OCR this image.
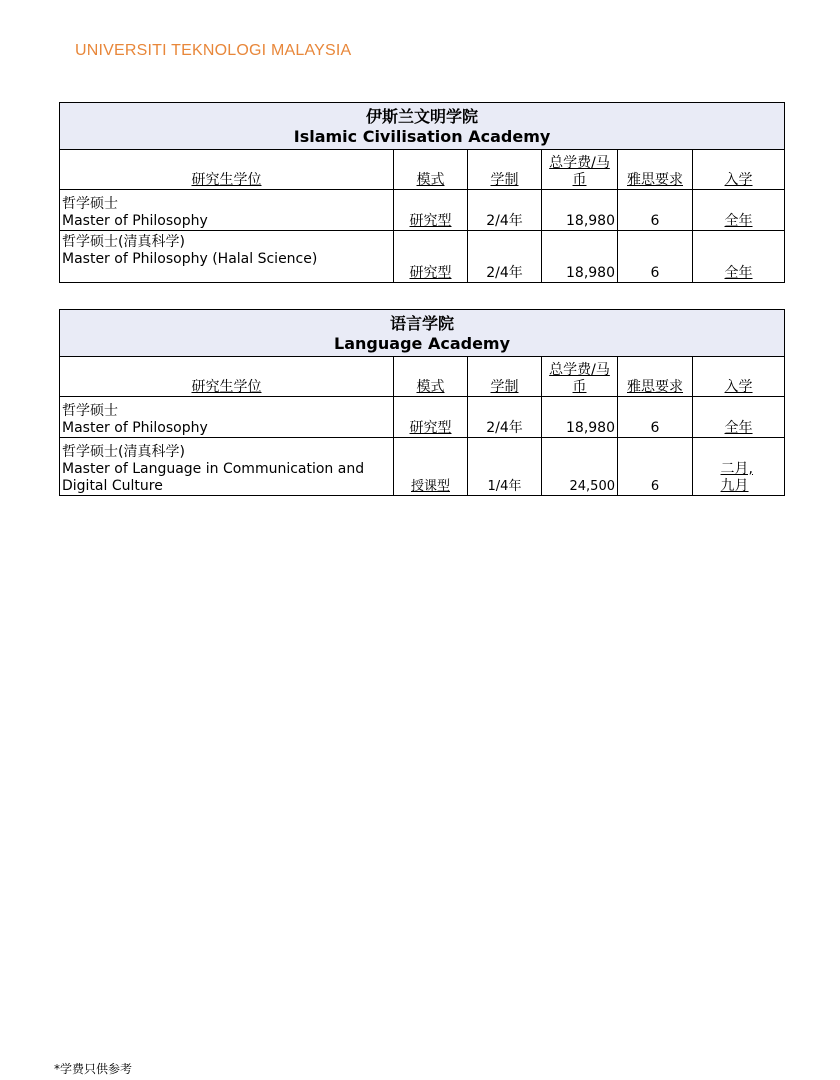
UNIVERSITI TEKNOLOGI MALAYSIA
伊斯兰文明学院
Islamic Civilisation Academy					

研究生学位	模式	学制	总学费/马币	雅思要求	入学

哲学硕士
Master of Philosophy	研究型	2/4年	18,980	6	全年

哲学硕士(清真科学)
Master of Philosophy (Halal Science)	研究型	2/4年	18,980	6	全年
语言学院
Language Academy					

研究生学位	模式	学制	总学费/马币	雅思要求	入学

哲学硕士
Master of Philosophy	研究型	2/4年	18,980	6	全年

哲学硕士(清真科学)
Master of Language in Communication and Digital Culture	授课型	1/4年	24,500	6	二月, 九月
*学费只供参考
